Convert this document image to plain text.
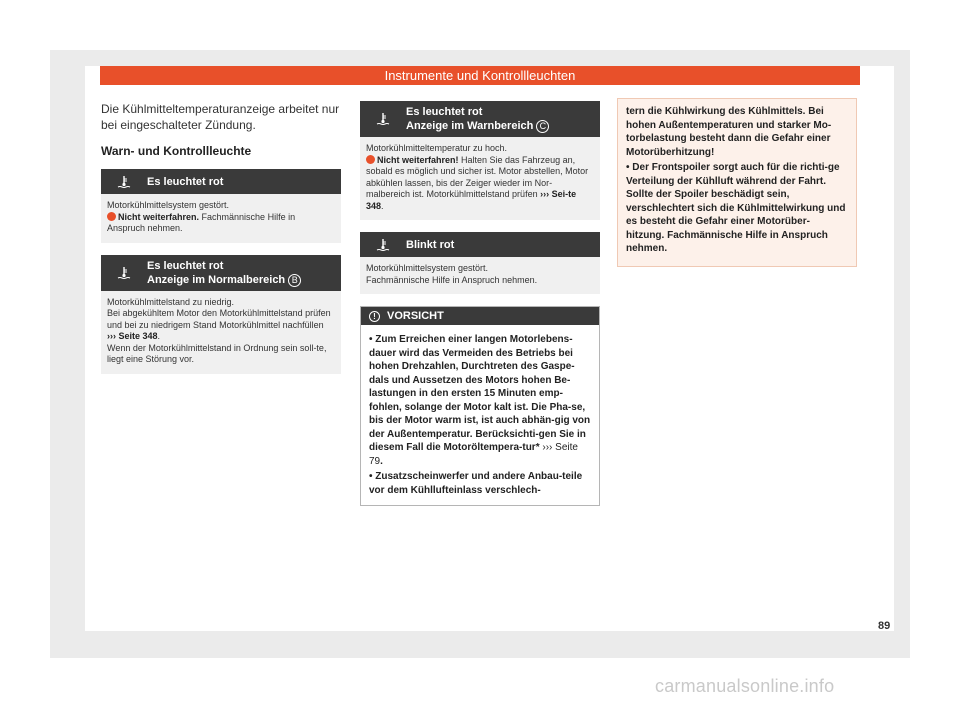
Instrumente und Kontrollleuchten
Die Kühlmitteltemperaturanzeige arbeitet nur bei eingeschalteter Zündung.
Warn- und Kontrollleuchte
Es leuchtet rot
Motorkühlmittelsystem gestört.
Nicht weiterfahren. Fachmännische Hilfe in Anspruch nehmen.
Es leuchtet rot
Anzeige im Normalbereich B
Motorkühlmittelstand zu niedrig.
Bei abgekühltem Motor den Motorkühlmittelstand prüfen und bei zu niedrigem Stand Motorkühlmittel nachfüllen ››› Seite 348.
Wenn der Motorkühlmittelstand in Ordnung sein soll-te, liegt eine Störung vor.
Es leuchtet rot
Anzeige im Warnbereich C
Motorkühlmitteltemperatur zu hoch.
Nicht weiterfahren! Halten Sie das Fahrzeug an, sobald es möglich und sicher ist. Motor abstellen, Motor abkühlen lassen, bis der Zeiger wieder im Nor-malbereich ist. Motorkühlmittelstand prüfen ››› Sei-te 348.
Blinkt rot
Motorkühlmittelsystem gestört.
Fachmännische Hilfe in Anspruch nehmen.
!	VORSICHT

• Zum Erreichen einer langen Motorlebens-dauer wird das Vermeiden des Betriebs bei hohen Drehzahlen, Durchtreten des Gaspe-dals und Aussetzen des Motors hohen Be-lastungen in den ersten 15 Minuten emp-fohlen, solange der Motor kalt ist. Die Pha-se, bis der Motor warm ist, ist auch abhän-gig von der Außentemperatur. Berücksichti-gen Sie in diesem Fall die Motoröltempera-tur* ››› Seite 79.

• Zusatzscheinwerfer und andere Anbau-teile vor dem Kühllufteinlass verschlech-

tern die Kühlwirkung des Kühlmittels. Bei hohen Außentemperaturen und starker Mo-torbelastung besteht dann die Gefahr einer Motorüberhitzung!

• Der Frontspoiler sorgt auch für die richti-ge Verteilung der Kühlluft während der Fahrt. Sollte der Spoiler beschädigt sein, verschlechtert sich die Kühlmittelwirkung und es besteht die Gefahr einer Motorüber-hitzung. Fachmännische Hilfe in Anspruch nehmen.

89
carmanualsonline.info
